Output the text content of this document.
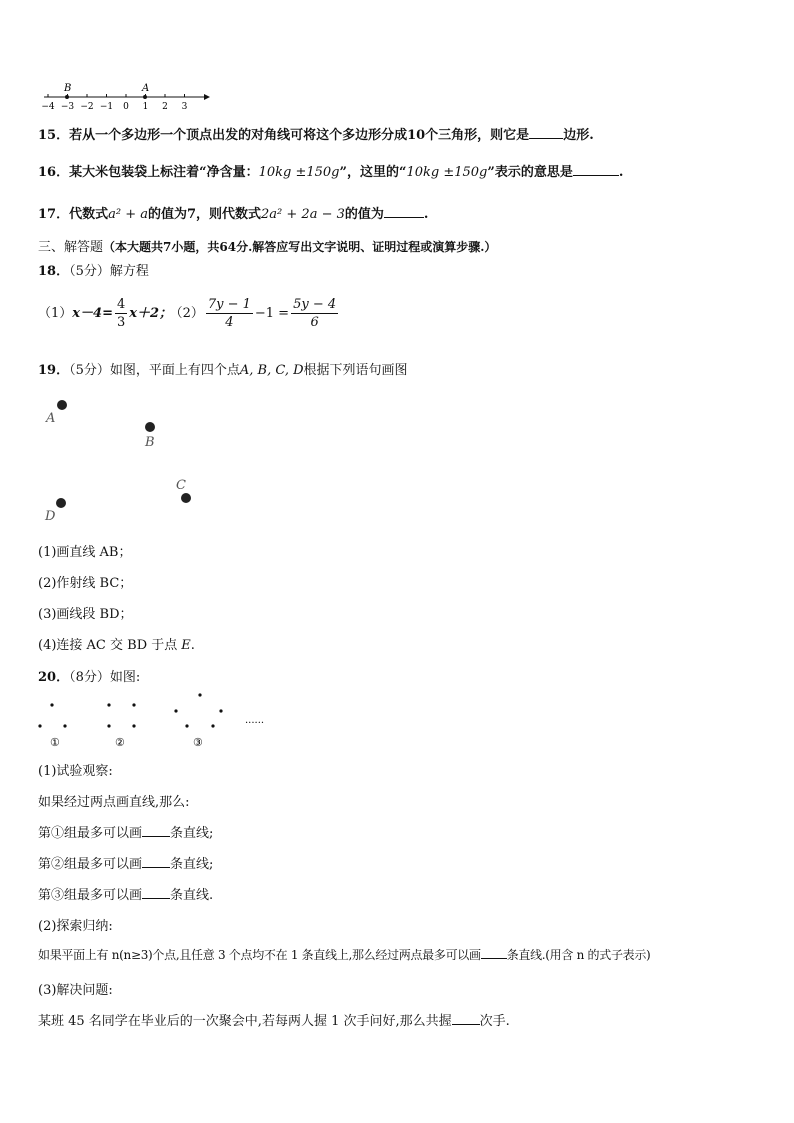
−4 −3 −2 −1 0 1 2 3
B	A
15．若从一个多边形一个顶点出发的对角线可将这个多边形分成10个三角形，则它是	边形.
16．某大米包装袋上标注着“净含量：10kg ±150g”，这里的“10kg ±150g”表示的意思是	.
17．代数式a² + a的值为7，则代数式2a² + 2a − 3的值为	.
三、解答题（本大题共7小题，共64分.解答应写出文字说明、证明过程或演算步骤.）
18．（5分）解方程
$(1)x-4= \frac{4}{3} x+2$； $(2) \frac{7y - 1}{4} -1 = \frac{5y - 4}{6}$
19．（5分）如图，平面上有四个点A, B, C, D根据下列语句画图
A
B
C
D
(1)画直线 AB；
(2)作射线 BC；
(3)画线段 BD；
(4)连接 AC 交 BD 于点 E.
20．（8分）如图:
①	②	③
......
(1)试验观察:
如果经过两点画直线,那么:
第①组最多可以画 条直线;
第②组最多可以画 条直线;
第③组最多可以画 条直线.
(2)探索归纳:
如果平面上有 n(n≥3)个点,且任意 3 个点均不在 1 条直线上,那么经过两点最多可以画 条直线.(用含 n 的式子表示)
(3)解决问题:
某班 45 名同学在毕业后的一次聚会中,若每两人握 1 次手问好,那么共握 次手.
